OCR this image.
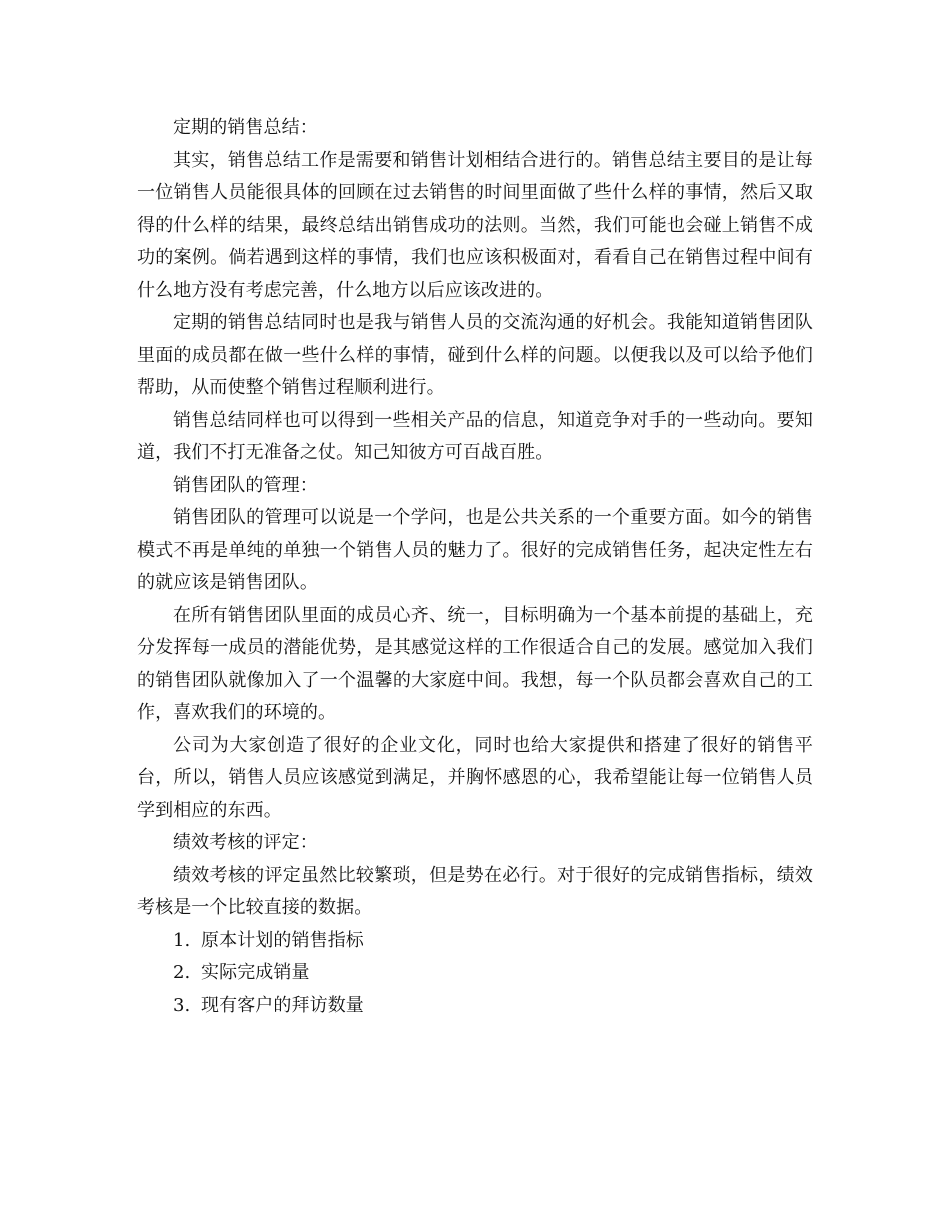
定期的销售总结：

其实，销售总结工作是需要和销售计划相结合进行的。销售总结主要目的是让每一位销售人员能很具体的回顾在过去销售的时间里面做了些什么样的事情，然后又取得的什么样的结果，最终总结出销售成功的法则。当然，我们可能也会碰上销售不成功的案例。倘若遇到这样的事情，我们也应该积极面对，看看自己在销售过程中间有什么地方没有考虑完善，什么地方以后应该改进的。

定期的销售总结同时也是我与销售人员的交流沟通的好机会。我能知道销售团队里面的成员都在做一些什么样的事情，碰到什么样的问题。以便我以及可以给予他们帮助，从而使整个销售过程顺利进行。

销售总结同样也可以得到一些相关产品的信息，知道竞争对手的一些动向。要知道，我们不打无准备之仗。知己知彼方可百战百胜。

销售团队的管理：

销售团队的管理可以说是一个学问，也是公共关系的一个重要方面。如今的销售模式不再是单纯的单独一个销售人员的魅力了。很好的完成销售任务，起决定性左右的就应该是销售团队。

在所有销售团队里面的成员心齐、统一，目标明确为一个基本前提的基础上，充分发挥每一成员的潜能优势，是其感觉这样的工作很适合自己的发展。感觉加入我们的销售团队就像加入了一个温馨的大家庭中间。我想，每一个队员都会喜欢自己的工作，喜欢我们的环境的。

公司为大家创造了很好的企业文化，同时也给大家提供和搭建了很好的销售平台，所以，销售人员应该感觉到满足，并胸怀感恩的心，我希望能让每一位销售人员学到相应的东西。

绩效考核的评定：

绩效考核的评定虽然比较繁琐，但是势在必行。对于很好的完成销售指标，绩效考核是一个比较直接的数据。

1. 原本计划的销售指标

2. 实际完成销量

3. 现有客户的拜访数量
